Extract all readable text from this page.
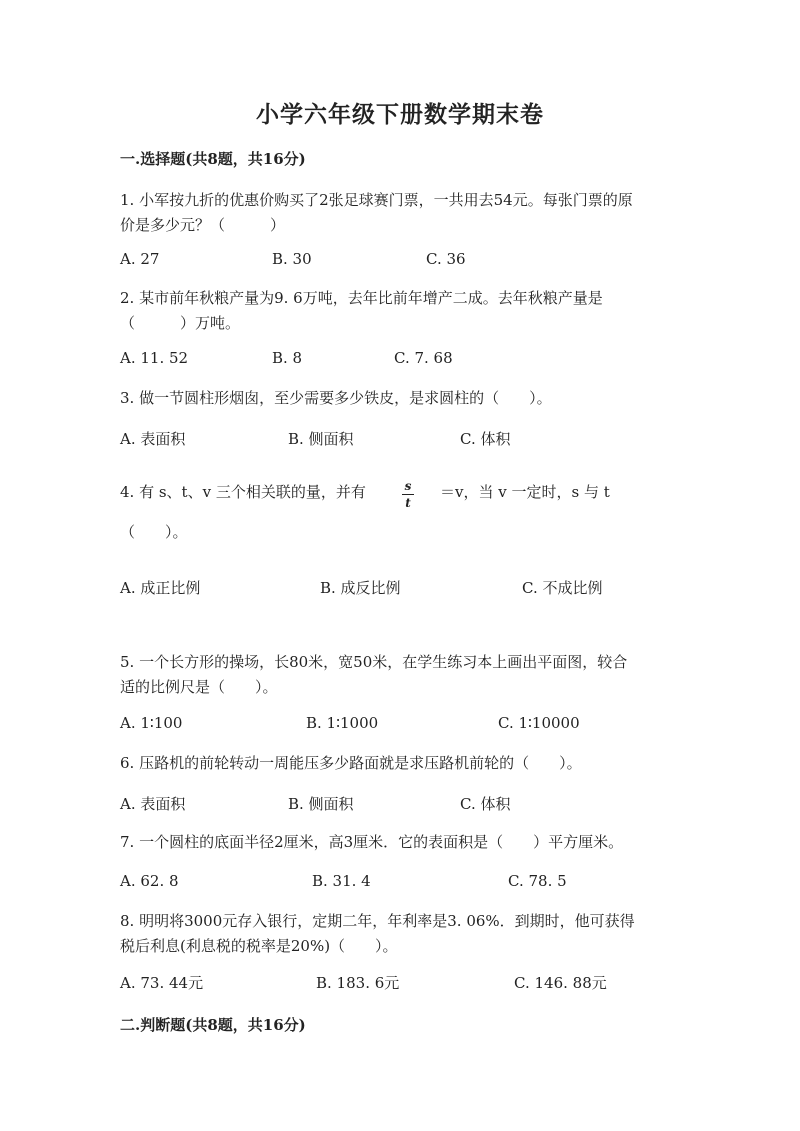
小学六年级下册数学期末卷
一.选择题(共8题，共16分)
1. 小军按九折的优惠价购买了2张足球赛门票，一共用去54元。每张门票的原
价是多少元？（　　　）
A. 27	B. 30	C. 36
2. 某市前年秋粮产量为9. 6万吨，去年比前年增产二成。去年秋粮产量是
（　　　）万吨。
A. 11. 52	B. 8	C. 7. 68
3. 做一节圆柱形烟囱，至少需要多少铁皮，是求圆柱的（　　）。
A. 表面积	B. 侧面积	C. 体积
4. 有 s、t、v 三个相关联的量，并有	＝v，当 v 一定时，s 与 t
（　　）。
s
t
A. 成正比例	B. 成反比例	C. 不成比例
5. 一个长方形的操场，长80米，宽50米，在学生练习本上画出平面图，较合
适的比例尺是（　　）。
A. 1∶100	B. 1∶1000	C. 1∶10000
6. 压路机的前轮转动一周能压多少路面就是求压路机前轮的（　　）。
A. 表面积	B. 侧面积	C. 体积
7. 一个圆柱的底面半径2厘米，高3厘米．它的表面积是（　　）平方厘米。
A. 62. 8	B. 31. 4	C. 78. 5
8. 明明将3000元存入银行，定期二年，年利率是3. 06%．到期时，他可获得
税后利息(利息税的税率是20%)（　　）。
A. 73. 44元	B. 183. 6元	C. 146. 88元
二.判断题(共8题，共16分)
